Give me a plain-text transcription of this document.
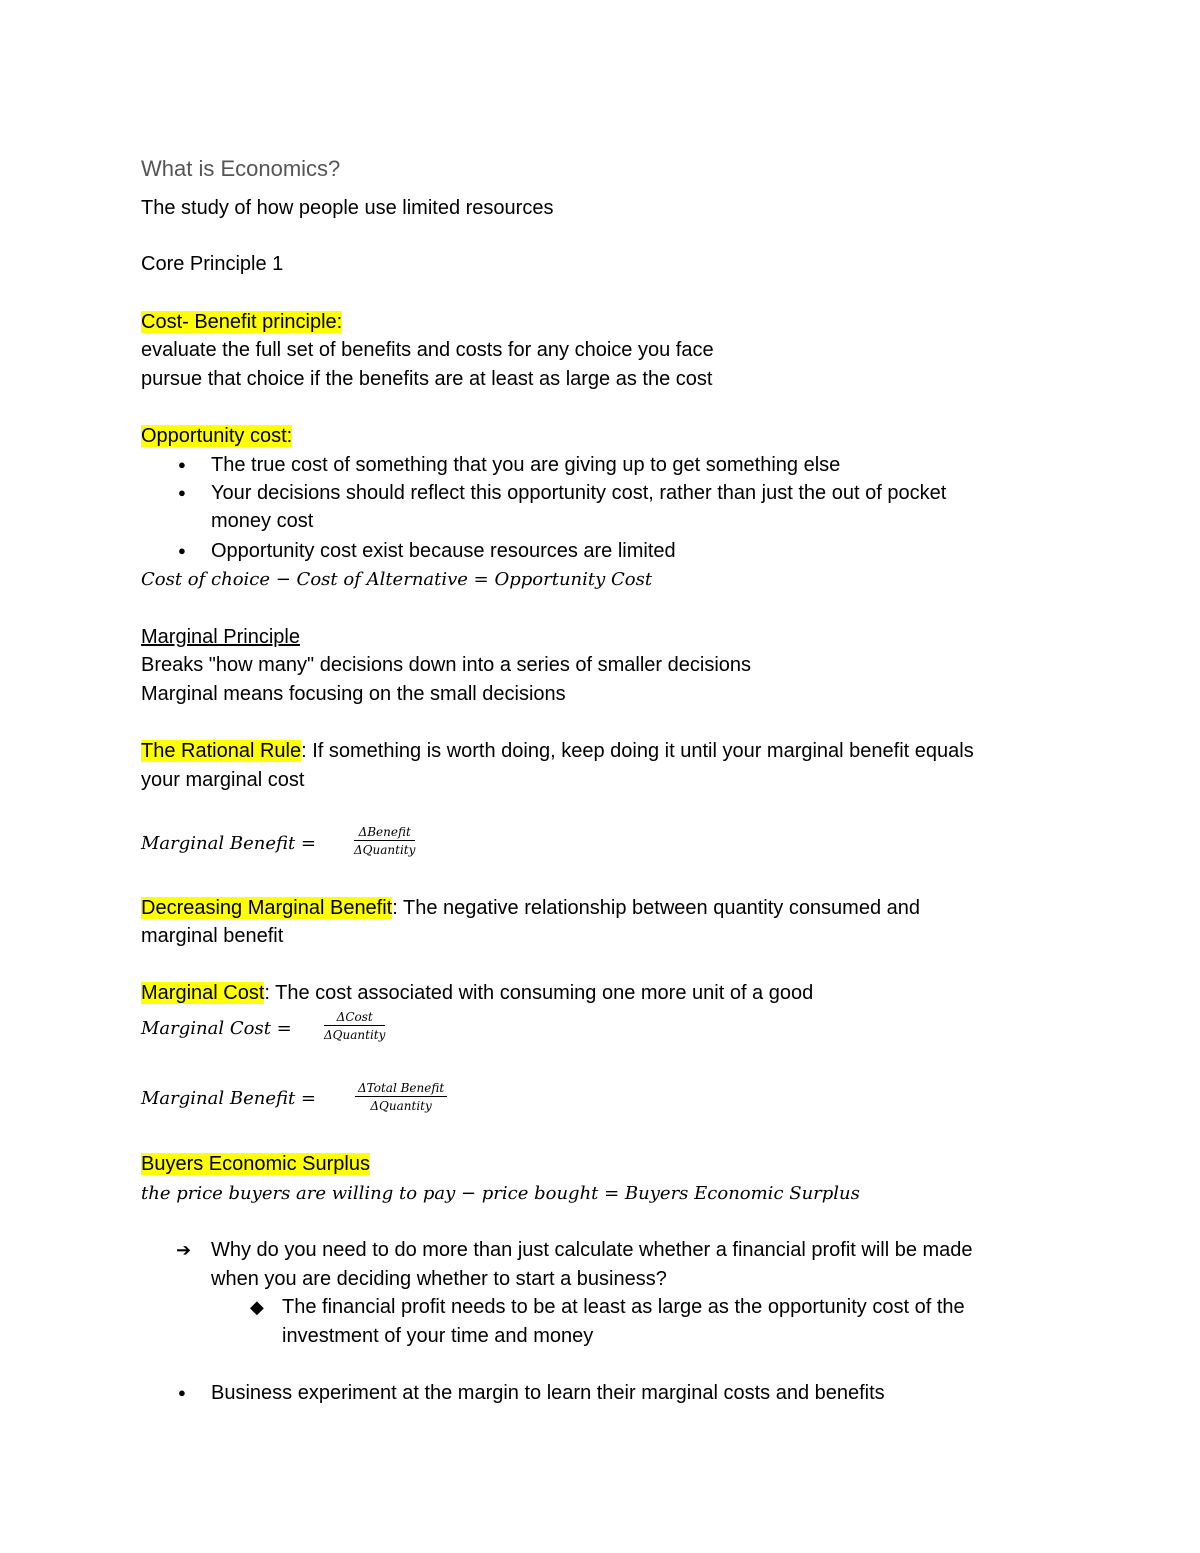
What is Economics?
The study of how people use limited resources
Core Principle 1
Cost- Benefit principle:
evaluate the full set of benefits and costs for any choice you face
pursue that choice if the benefits are at least as large as the cost
Opportunity cost:
● The true cost of something that you are giving up to get something else
● Your decisions should reflect this opportunity cost, rather than just the out of pocket
money cost
● Opportunity cost exist because resources are limited
Cost of choice − Cost of Alternative = Opportunity Cost
Marginal Principle
Breaks "how many" decisions down into a series of smaller decisions
Marginal means focusing on the small decisions
The Rational Rule: If something is worth doing, keep doing it until your marginal benefit equals
your marginal cost
Marginal Benefit =
ΔBenefit
ΔQuantity
Decreasing Marginal Benefit: The negative relationship between quantity consumed and
marginal benefit
Marginal Cost: The cost associated with consuming one more unit of a good
Marginal Cost =
ΔCost
ΔQuantity
Marginal Benefit =	ΔTotal Benefit
ΔQuantity
Buyers Economic Surplus
the price buyers are willing to pay − price bought = Buyers Economic Surplus
➔ Why do you need to do more than just calculate whether a financial profit will be made
when you are deciding whether to start a business?
◆ The financial profit needs to be at least as large as the opportunity cost of the
investment of your time and money
● Business experiment at the margin to learn their marginal costs and benefits
